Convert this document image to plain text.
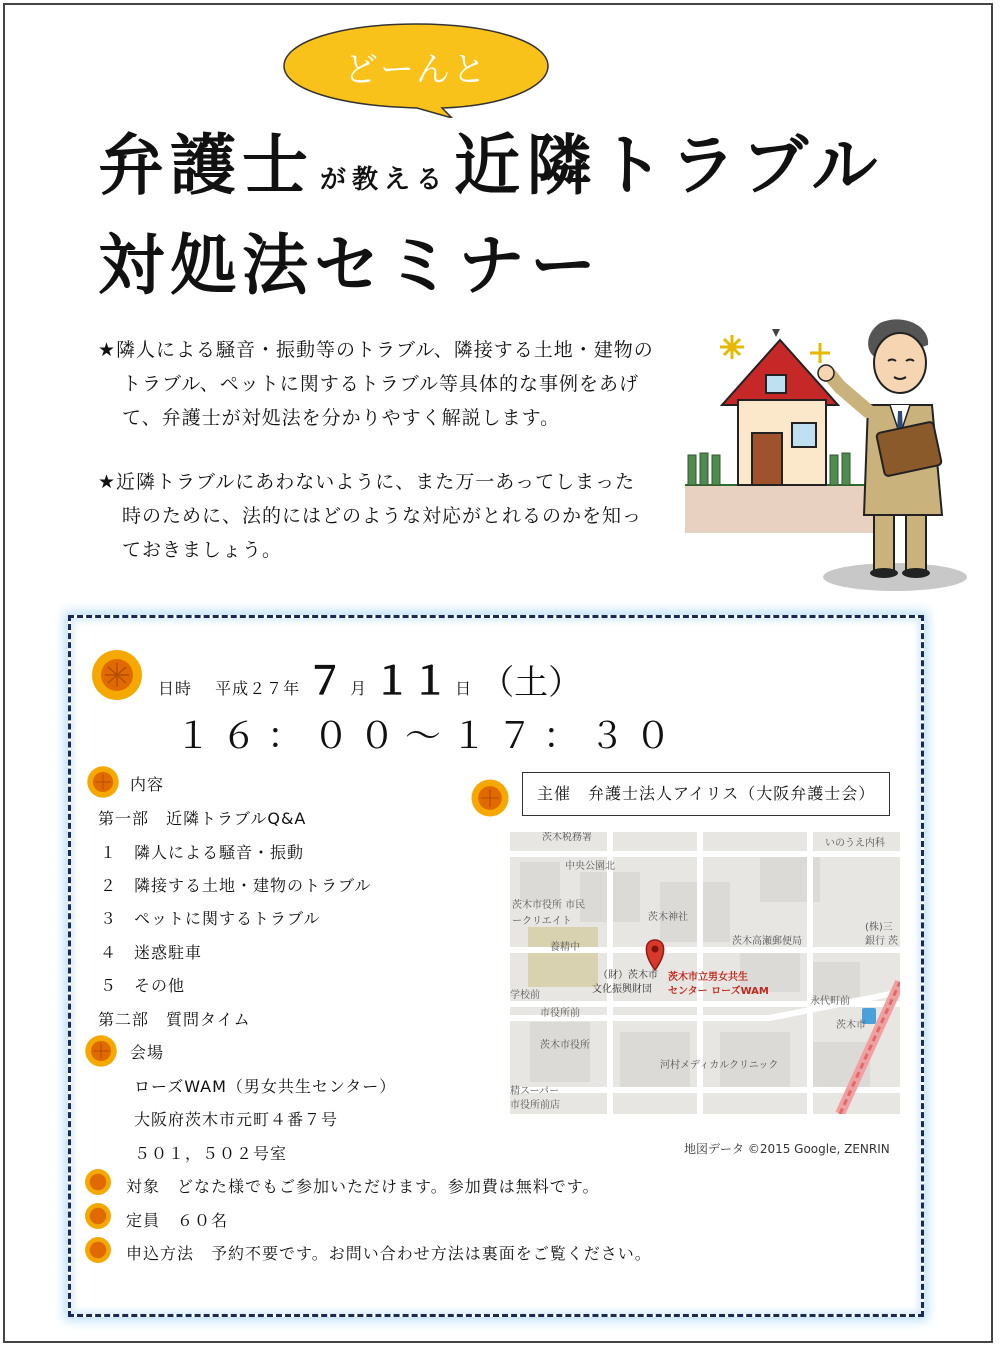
どーんと
弁護士 が教える近隣トラブル
対処法セミナー
★隣人による騒音・振動等のトラブル、隣接する土地・建物の
トラブル、ペットに関するトラブル等具体的な事例をあげ
て、弁護士が対処法を分かりやすく解説します。
★近隣トラブルにあわないように、また万一あってしまった
時のために、法的にはどのような対応がとれるのかを知っ
ておきましょう。
日時 平成２７年 ７ 月 １１ 日 （土）
１６：００～１７：３０
内容
第一部　近隣トラブルQ&A
１　隣人による騒音・振動
２　隣接する土地・建物のトラブル
３　ペットに関するトラブル
４　迷惑駐車
５　その他
第二部　質問タイム
会場
ローズWAM（男女共生センター）
大阪府茨木市元町４番７号
５０１，５０２号室
対象　どなた様でもご参加いただけます。参加費は無料です。
定員　６０名
申込方法　予約不要です。お問い合わせ方法は裏面をご覧ください。
主催　弁護士法人アイリス（大阪弁護士会）
茨木税務署
中央公園北
いのうえ内科
茨木市役所 市民
ークリエイト	茨木神社
(株)三
銀行 茨
茨木高瀬郵便局
養精中
（財）茨木市
文化振興財団
茨木市立男女共生
センター ローズWAM
学校前
市役所前
永代町前
茨木市
茨木市役所
河村メディカルクリニック
精スーパー
市役所前店
地図データ ©2015 Google, ZENRIN
